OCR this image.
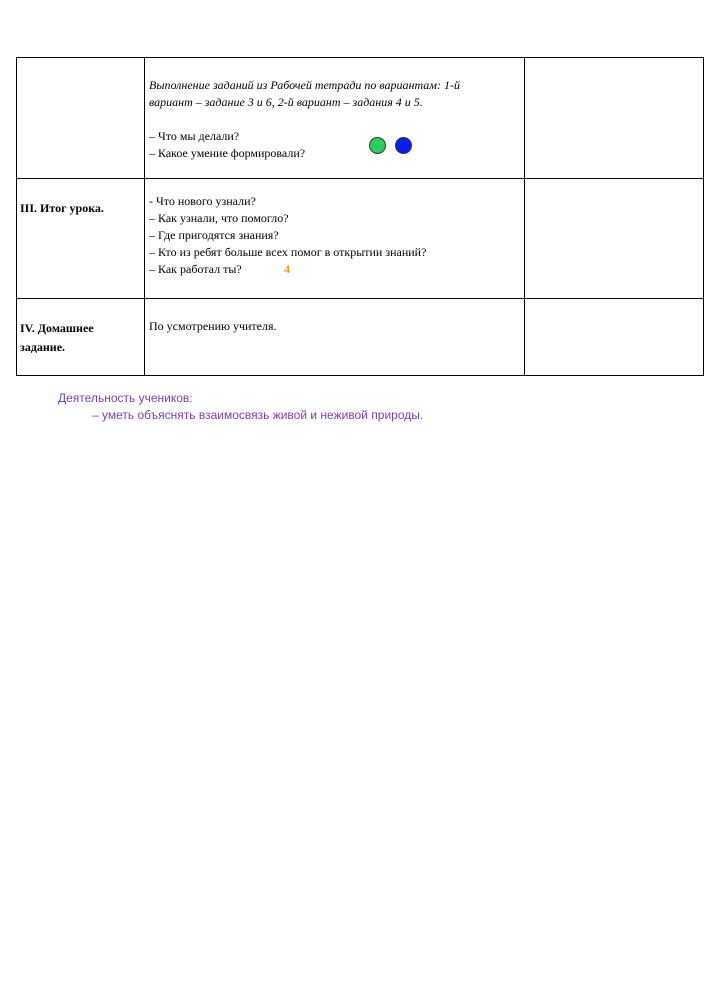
Выполнение заданий из Рабочей тетради по вариантам: 1-й
вариант – задание 3 и 6, 2-й вариант – задания 4 и 5.
– Что мы делали?
– Какое умение формировали?
III. Итог урока.	- Что нового узнали?
– Как узнали, что помогло?
– Где пригодятся знания?
– Кто из ребят больше всех помог в открытии знаний?
– Как работал ты?	4
IV. Домашнее
задание.
По усмотрению учителя.
Деятельность учеников:
– уметь объяснять взаимосвязь живой и неживой природы.
